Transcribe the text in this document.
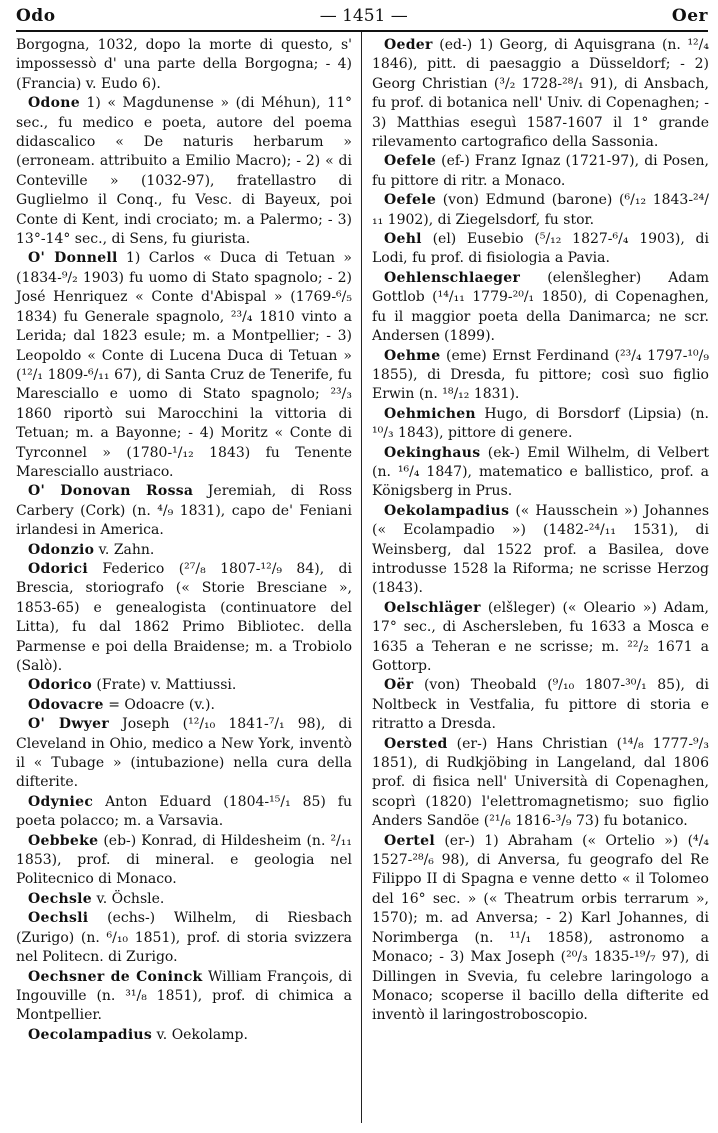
Odo	— 1451 —	Oer

Borgogna, 1032, dopo la morte di questo, s' impossessò d' una parte della Borgogna; - 4) (Francia) v. Eudo 6).

Odone 1) « Magdunense » (di Méhun), 11° sec., fu medico e poeta, autore del poema didascalico « De naturis herbarum » (erroneam. attribuito a Emilio Macro); - 2) « di Conteville » (1032-97), fratellastro di Guglielmo il Conq., fu Vesc. di Bayeux, poi Conte di Kent, indi crociato; m. a Palermo; - 3) 13°-14° sec., di Sens, fu giurista.

O' Donnell 1) Carlos « Duca di Tetuan » (1834-⁹/₂ 1903) fu uomo di Stato spagnolo; - 2) José Henriquez « Conte d'Abispal » (1769-⁶/₅ 1834) fu Generale spagnolo, ²³/₄ 1810 vinto a Lerida; dal 1823 esule; m. a Montpellier; - 3) Leopoldo « Conte di Lucena Duca di Tetuan » (¹²/₁ 1809-⁶/₁₁ 67), di Santa Cruz de Tenerife, fu Maresciallo e uomo di Stato spagnolo; ²³/₃ 1860 riportò sui Marocchini la vittoria di Tetuan; m. a Bayonne; - 4) Moritz « Conte di Tyrconnel » (1780-¹/₁₂ 1843) fu Tenente Maresciallo austriaco.

O' Donovan Rossa Jeremiah, di Ross Carbery (Cork) (n. ⁴/₉ 1831), capo de' Feniani irlandesi in America.

Odonzio v. Zahn.

Odorici Federico (²⁷/₈ 1807-¹²/₉ 84), di Brescia, storiografo (« Storie Bresciane », 1853-65) e genealogista (continuatore del Litta), fu dal 1862 Primo Bibliotec. della Parmense e poi della Braidense; m. a Trobiolo (Salò).

Odorico (Frate) v. Mattiussi.

Odovacre = Odoacre (v.).

O' Dwyer Joseph (¹²/₁₀ 1841-⁷/₁ 98), di Cleveland in Ohio, medico a New York, inventò il « Tubage » (intubazione) nella cura della difterite.

Odyniec Anton Eduard (1804-¹⁵/₁ 85) fu poeta polacco; m. a Varsavia.

Oebbeke (eb-) Konrad, di Hildesheim (n. ²/₁₁ 1853), prof. di mineral. e geologia nel Politecnico di Monaco.

Oechsle v. Öchsle.

Oechsli (echs-) Wilhelm, di Riesbach (Zurigo) (n. ⁶/₁₀ 1851), prof. di storia svizzera nel Politecn. di Zurigo.

Oechsner de Coninck William François, di Ingouville (n. ³¹/₈ 1851), prof. di chimica a Montpellier.

Oecolampadius v. Oekolamp.

Oeder (ed-) 1) Georg, di Aquisgrana (n. ¹²/₄ 1846), pitt. di paesaggio a Düsseldorf; - 2) Georg Christian (³/₂ 1728-²⁸/₁ 91), di Ansbach, fu prof. di botanica nell' Univ. di Copenaghen; - 3) Matthias eseguì 1587-1607 il 1° grande rilevamento cartografico della Sassonia.

Oefele (ef-) Franz Ignaz (1721-97), di Posen, fu pittore di ritr. a Monaco.

Oefele (von) Edmund (barone) (⁶/₁₂ 1843-²⁴/₁₁ 1902), di Ziegelsdorf, fu stor.

Oehl (el) Eusebio (⁵/₁₂ 1827-⁶/₄ 1903), di Lodi, fu prof. di fisiologia a Pavia.

Oehlenschlaeger (elenšlegher) Adam Gottlob (¹⁴/₁₁ 1779-²⁰/₁ 1850), di Copenaghen, fu il maggior poeta della Danimarca; ne scr. Andersen (1899).

Oehme (eme) Ernst Ferdinand (²³/₄ 1797-¹⁰/₉ 1855), di Dresda, fu pittore; così suo figlio Erwin (n. ¹⁸/₁₂ 1831).

Oehmichen Hugo, di Borsdorf (Lipsia) (n. ¹⁰/₃ 1843), pittore di genere.

Oekinghaus (ek-) Emil Wilhelm, di Velbert (n. ¹⁶/₄ 1847), matematico e ballistico, prof. a Königsberg in Prus.

Oekolampadius (« Hausschein ») Johannes (« Ecolampadio ») (1482-²⁴/₁₁ 1531), di Weinsberg, dal 1522 prof. a Basilea, dove introdusse 1528 la Riforma; ne scrisse Herzog (1843).

Oelschläger (elšleger) (« Oleario ») Adam, 17° sec., di Aschersleben, fu 1633 a Mosca e 1635 a Teheran e ne scrisse; m. ²²/₂ 1671 a Gottorp.

Oër (von) Theobald (⁹/₁₀ 1807-³⁰/₁ 85), di Noltbeck in Vestfalia, fu pittore di storia e ritratto a Dresda.

Oersted (er-) Hans Christian (¹⁴/₈ 1777-⁹/₃ 1851), di Rudkjöbing in Langeland, dal 1806 prof. di fisica nell' Università di Copenaghen, scoprì (1820) l'elettromagnetismo; suo figlio Anders Sandöe (²¹/₆ 1816-³/₉ 73) fu botanico.

Oertel (er-) 1) Abraham (« Ortelio ») (⁴/₄ 1527-²⁸/₆ 98), di Anversa, fu geografo del Re Filippo II di Spagna e venne detto « il Tolomeo del 16° sec. » (« Theatrum orbis terrarum », 1570); m. ad Anversa; - 2) Karl Johannes, di Norimberga (n. ¹¹/₁ 1858), astronomo a Monaco; - 3) Max Joseph (²⁰/₃ 1835-¹⁹/₇ 97), di Dillingen in Svevia, fu celebre laringologo a Monaco; scoperse il bacillo della difterite ed inventò il laringostroboscopio.
